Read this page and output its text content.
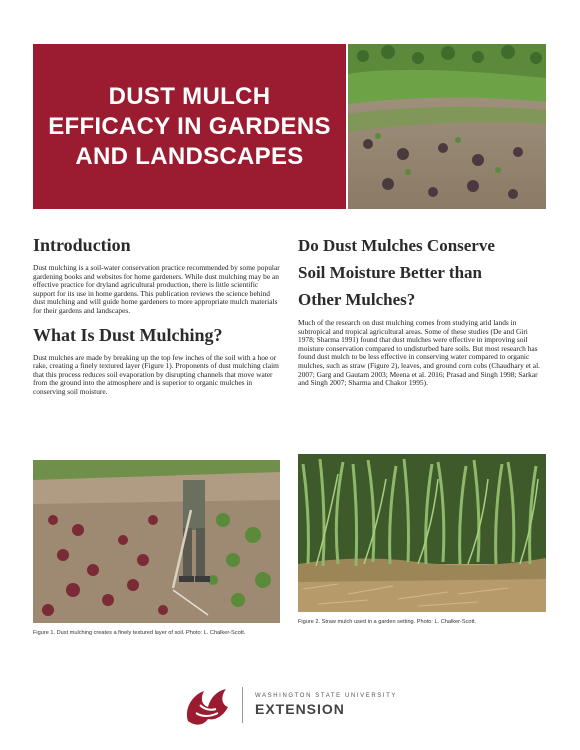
DUST MULCH
EFFICACY IN GARDENS
AND LANDSCAPES
Introduction

Dust mulching is a soil-water conservation practice recommended by some popular gardening books and websites for home gardeners. While dust mulching may be an effective practice for dryland agricultural production, there is little scientific support for its use in home gardens. This publication reviews the science behind dust mulching and will guide home gardeners to more appropriate mulch materials for their gardens and landscapes.

What Is Dust Mulching?

Dust mulches are made by breaking up the top few inches of the soil with a hoe or rake, creating a finely textured layer (Figure 1). Proponents of dust mulching claim that this process reduces soil evaporation by disrupting channels that move water from the ground into the atmosphere and is superior to organic mulches in conserving soil moisture.

Figure 1. Dust mulching creates a finely textured layer of soil. Photo: L. Chalker-Scott.
Do Dust Mulches Conserve
Soil Moisture Better than
Other Mulches?

Much of the research on dust mulching comes from studying arid lands in subtropical and tropical agricultural areas. Some of these studies (De and Giri 1978; Sharma 1991) found that dust mulches were effective in improving soil moisture conservation compared to undisturbed bare soils. But most research has found dust mulch to be less effective in conserving water compared to organic mulches, such as straw (Figure 2), leaves, and ground corn cobs (Chaudhary et al. 2007; Garg and Gautam 2003; Meena et al. 2016; Prasad and Singh 1998; Sarkar and Singh 2007; Sharma and Chakor 1995).

Figure 2. Straw mulch used in a garden setting. Photo: L. Chalker-Scott.
WASHINGTON STATE UNIVERSITY
EXTENSION
